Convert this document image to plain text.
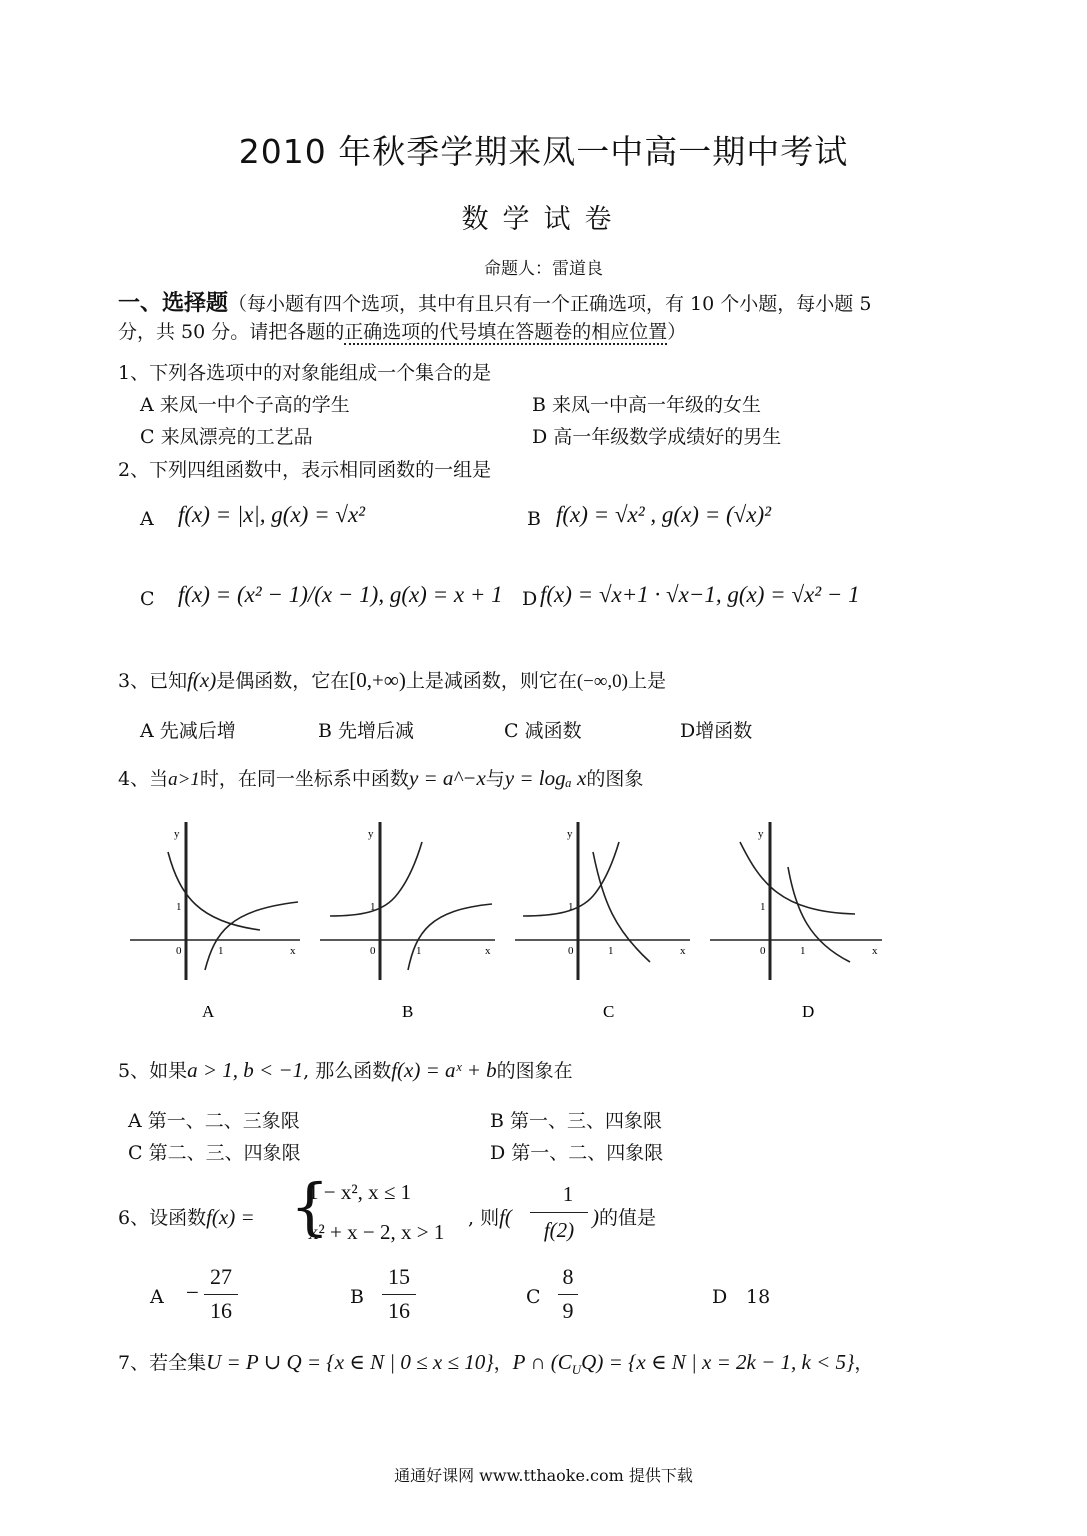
2010 年秋季学期来凤一中高一期中考试
数学试卷
命题人：雷道良
一、选择题（每小题有四个选项，其中有且只有一个正确选项，有 10 个小题，每小题 5
分，共 50 分。请把各题的正确选项的代号填在答题卷的相应位置）
1、下列各选项中的对象能组成一个集合的是
A 来凤一中个子高的学生	B 来凤一中高一年级的女生
C 来凤漂亮的工艺品	D 高一年级数学成绩好的男生
2、下列四组函数中，表示相同函数的一组是
A f(x) = |x|, g(x) = √x²	B f(x) = √x² , g(x) = (√x)²
C f(x) = (x² − 1)/(x − 1), g(x) = x + 1 D f(x) = √x+1 · √x−1, g(x) = √x² − 1
3、已知f(x)是偶函数，它在[0,+∞)上是减函数，则它在(−∞,0)上是
A 先减后增	B 先增后减	C 减函数	D增函数
4、当a>1时，在同一坐标系中函数y = a^−x与y = logₐ x的图象
y
x
0	1
1
A
y
x
0	1
1
B
y
x
0	1
1
C
y
x
0	1
1
D
5、如果a > 1, b < −1, 那么函数f(x) = aˣ + b的图象在
A 第一、二、三象限	B 第一、三、四象限
C 第二、三、四象限	D 第一、二、四象限
6、设函数f(x) = {
1 − x², x ≤ 1
x² + x − 2, x > 1
, 则f(
1
f(2)
)的值是
A −
27
16
B
15
16
C
8
9
D 18
7、若全集U = P ∪ Q = {x ∈ N | 0 ≤ x ≤ 10}，P ∩ $(C_UQ) = \{x$ ∈ N | x = 2k − 1, k < 5}，
通通好课网 www.tthaoke.com 提供下载
